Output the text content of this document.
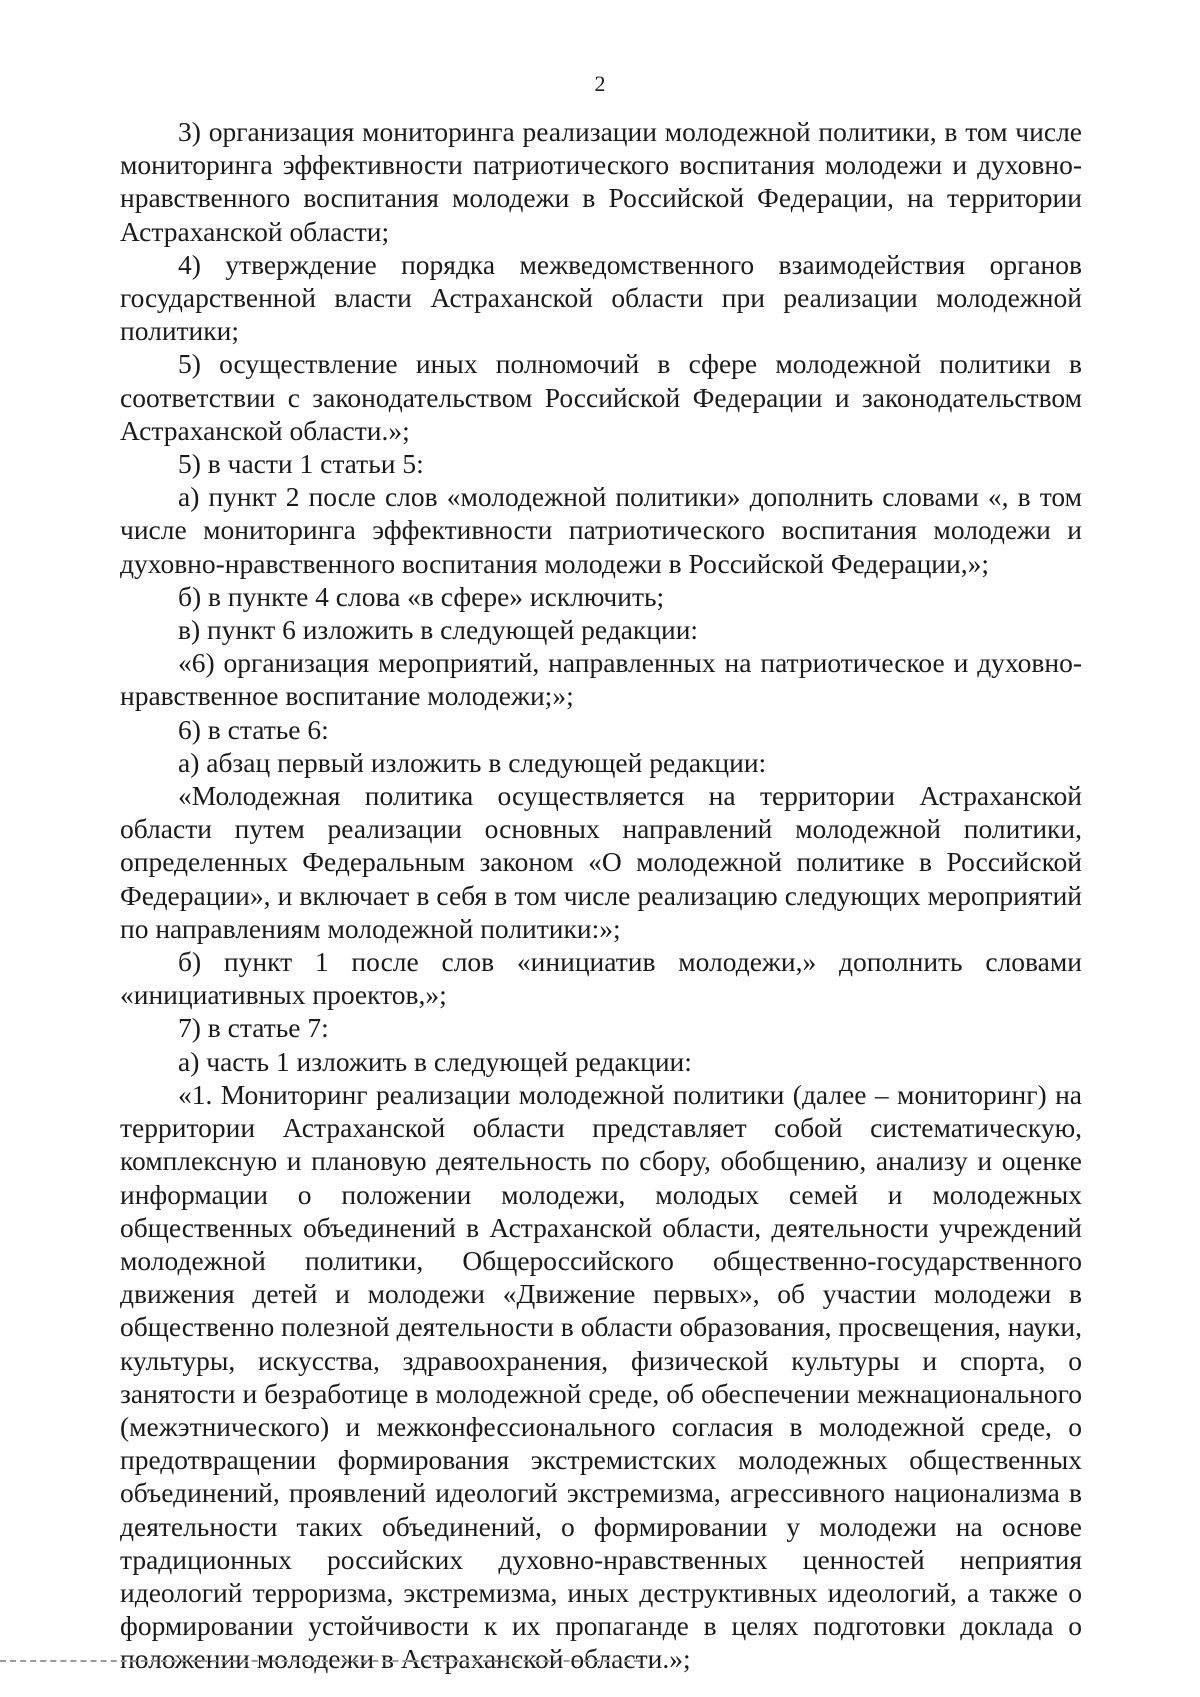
2

3) организация мониторинга реализации молодежной политики, в том числе мониторинга эффективности патриотического воспитания молодежи и духовно-нравственного воспитания молодежи в Российской Федерации, на территории Астраханской области;

4) утверждение порядка межведомственного взаимодействия органов государственной власти Астраханской области при реализации молодежной политики;

5) осуществление иных полномочий в сфере молодежной политики в соответствии с законодательством Российской Федерации и законодательством Астраханской области.»;

5) в части 1 статьи 5:

а) пункт 2 после слов «молодежной политики» дополнить словами «, в том числе мониторинга эффективности патриотического воспитания молодежи и духовно-нравственного воспитания молодежи в Российской Федерации,»;

б) в пункте 4 слова «в сфере» исключить;

в) пункт 6 изложить в следующей редакции:

«6) организация мероприятий, направленных на патриотическое и духовно-нравственное воспитание молодежи;»;

6) в статье 6:

а) абзац первый изложить в следующей редакции:

«Молодежная политика осуществляется на территории Астраханской области путем реализации основных направлений молодежной политики, определенных Федеральным законом «О молодежной политике в Российской Федерации», и включает в себя в том числе реализацию следующих мероприятий по направлениям молодежной политики:»;

б) пункт 1 после слов «инициатив молодежи,» дополнить словами «инициативных проектов,»;

7) в статье 7:

а) часть 1 изложить в следующей редакции:

«1. Мониторинг реализации молодежной политики (далее – мониторинг) на территории Астраханской области представляет собой систематическую, комплексную и плановую деятельность по сбору, обобщению, анализу и оценке информации о положении молодежи, молодых семей и молодежных общественных объединений в Астраханской области, деятельности учреждений молодежной политики, Общероссийского общественно-государственного движения детей и молодежи «Движение первых», об участии молодежи в общественно полезной деятельности в области образования, просвещения, науки, культуры, искусства, здравоохранения, физической культуры и спорта, о занятости и безработице в молодежной среде, об обеспечении межнационального (межэтнического) и межконфессионального согласия в молодежной среде, о предотвращении формирования экстремистских молодежных общественных объединений, проявлений идеологий экстремизма, агрессивного национализма в деятельности таких объединений, о формировании у молодежи на основе традиционных российских духовно-нравственных ценностей неприятия идеологий терроризма, экстремизма, иных деструктивных идеологий, а также о формировании устойчивости к их пропаганде в целях подготовки доклада о положении молодежи в Астраханской области.»;
